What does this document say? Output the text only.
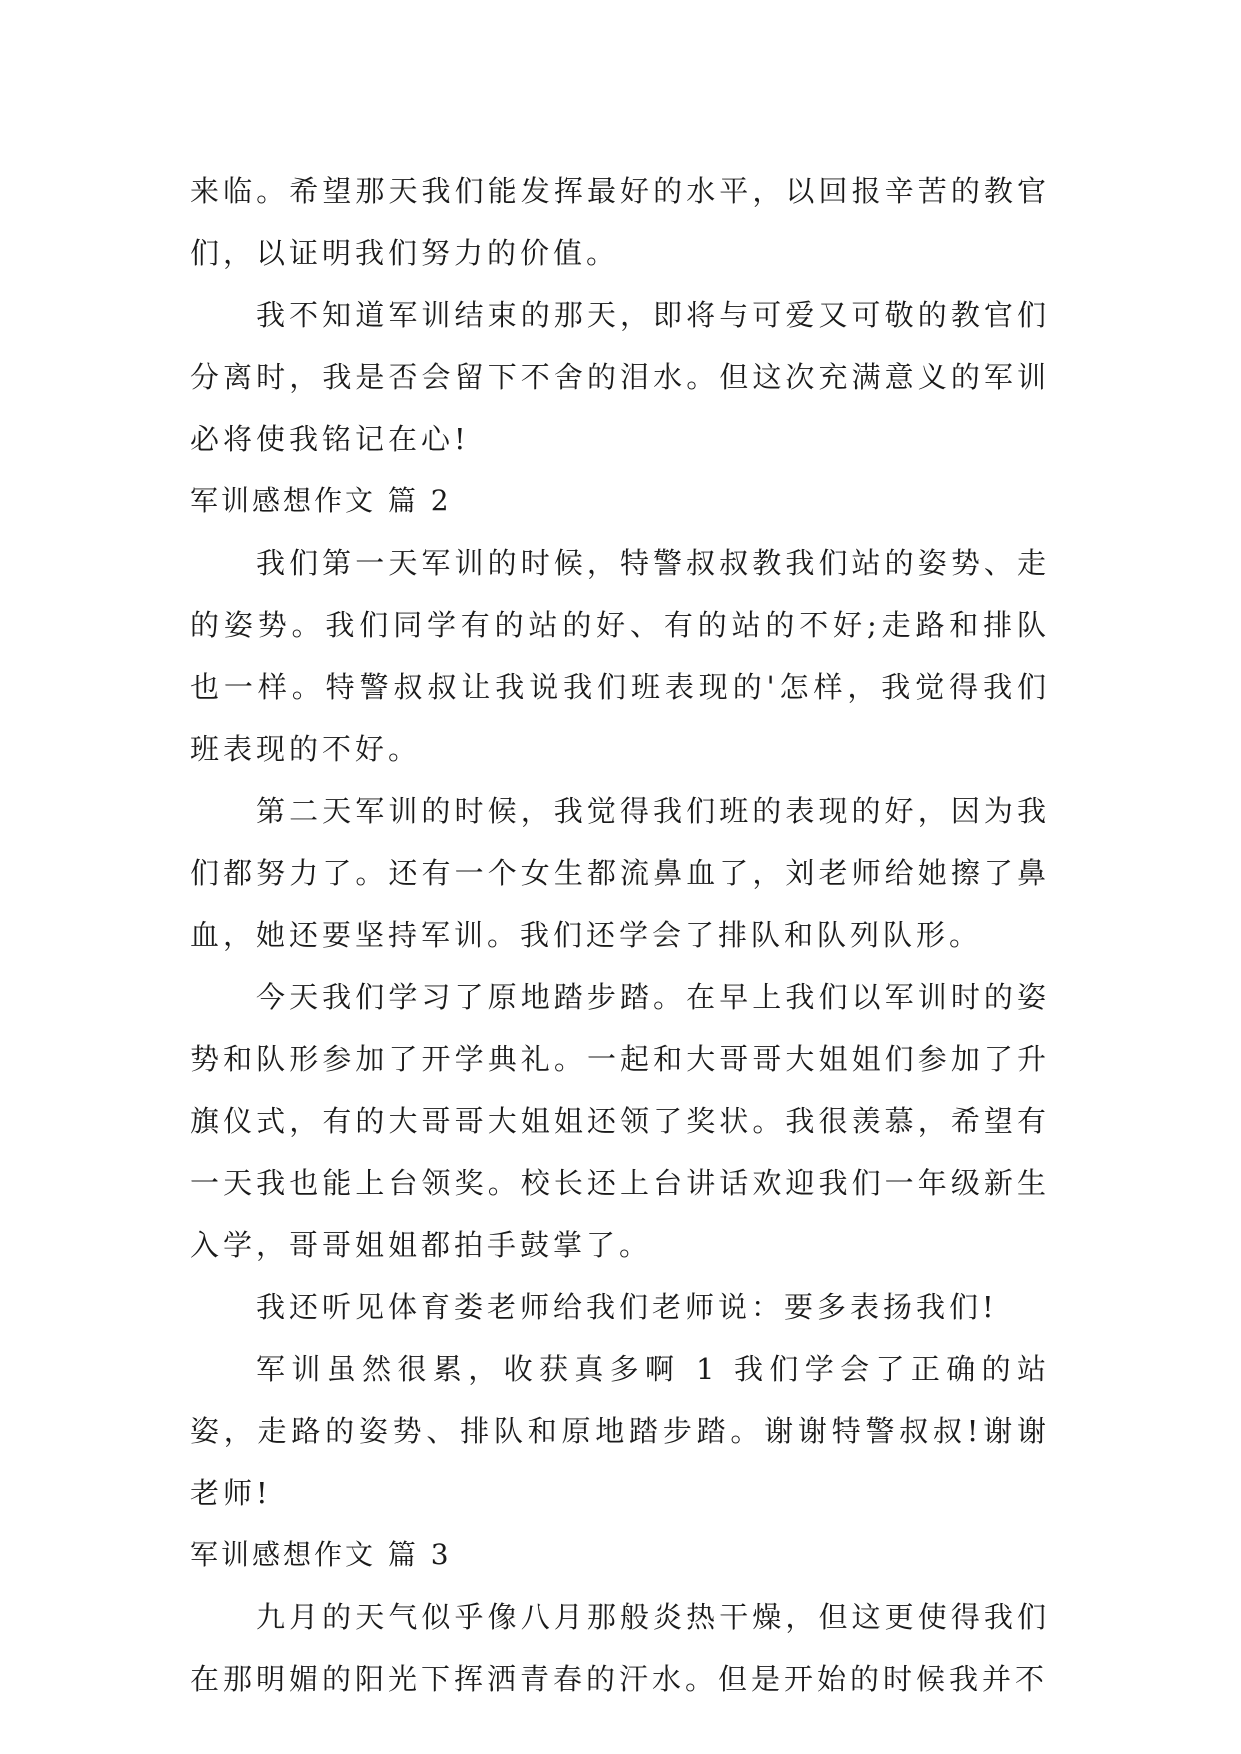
来临。希望那天我们能发挥最好的水平，以回报辛苦的教官们，以证明我们努力的价值。

我不知道军训结束的那天，即将与可爱又可敬的教官们分离时，我是否会留下不舍的泪水。但这次充满意义的军训必将使我铭记在心!

军训感想作文 篇 2

我们第一天军训的时候，特警叔叔教我们站的姿势、走的姿势。我们同学有的站的好、有的站的不好;走路和排队也一样。特警叔叔让我说我们班表现的'怎样，我觉得我们班表现的不好。

第二天军训的时候，我觉得我们班的表现的好，因为我们都努力了。还有一个女生都流鼻血了，刘老师给她擦了鼻血，她还要坚持军训。我们还学会了排队和队列队形。

今天我们学习了原地踏步踏。在早上我们以军训时的姿势和队形参加了开学典礼。一起和大哥哥大姐姐们参加了升旗仪式，有的大哥哥大姐姐还领了奖状。我很羡慕，希望有一天我也能上台领奖。校长还上台讲话欢迎我们一年级新生入学，哥哥姐姐都拍手鼓掌了。

我还听见体育娄老师给我们老师说：要多表扬我们!

军训虽然很累，收获真多啊 1 我们学会了正确的站姿，走路的姿势、排队和原地踏步踏。谢谢特警叔叔!谢谢老师!

军训感想作文 篇 3

九月的天气似乎像八月那般炎热干燥，但这更使得我们在那明媚的阳光下挥洒青春的汗水。但是开始的时候我并不
